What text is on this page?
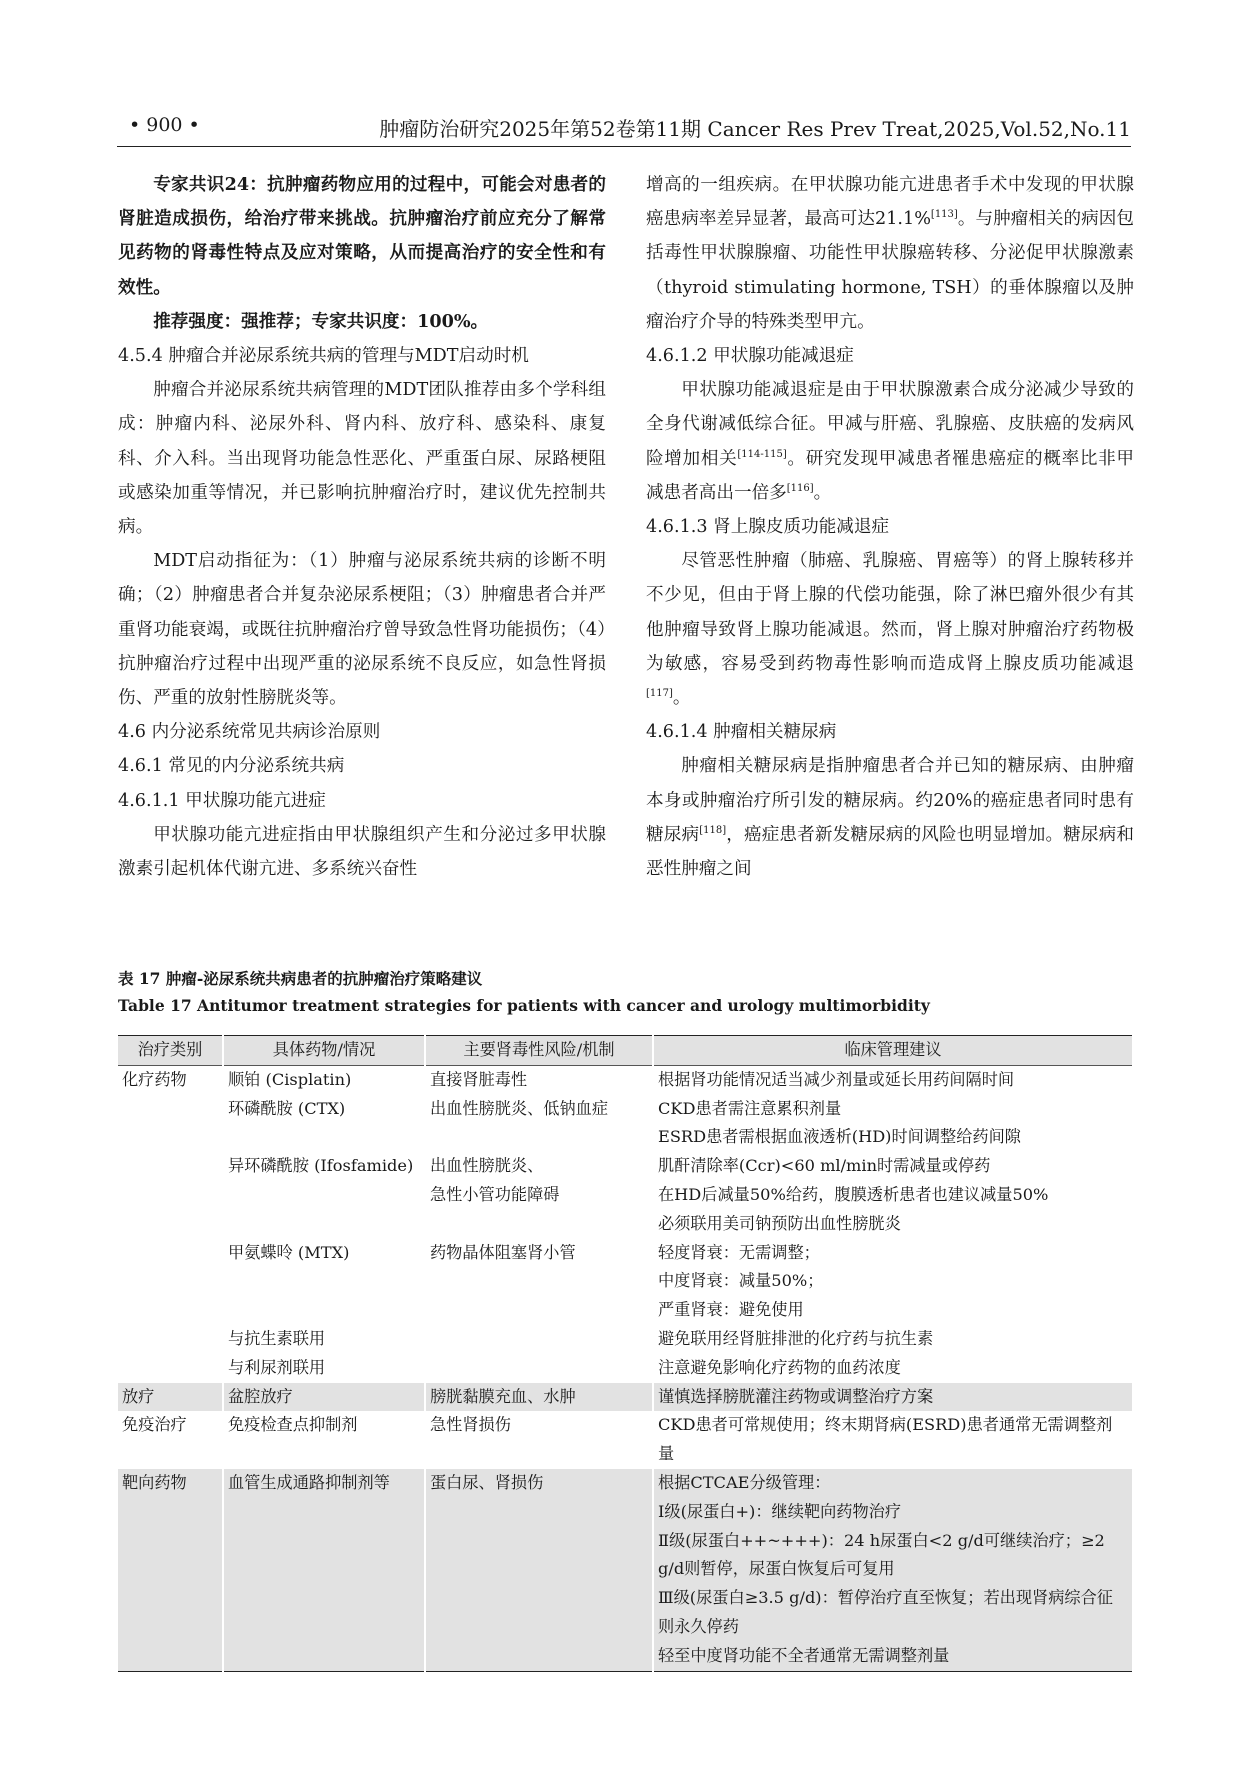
• 900 •	肿瘤防治研究2025年第52卷第11期 Cancer Res Prev Treat,2025,Vol.52,No.11

专家共识24：抗肿瘤药物应用的过程中，可能会对患者的肾脏造成损伤，给治疗带来挑战。抗肿瘤治疗前应充分了解常见药物的肾毒性特点及应对策略，从而提高治疗的安全性和有效性。

推荐强度：强推荐；专家共识度：100%。

4.5.4 肿瘤合并泌尿系统共病的管理与MDT启动时机

肿瘤合并泌尿系统共病管理的MDT团队推荐由多个学科组成：肿瘤内科、泌尿外科、肾内科、放疗科、感染科、康复科、介入科。当出现肾功能急性恶化、严重蛋白尿、尿路梗阻或感染加重等情况，并已影响抗肿瘤治疗时，建议优先控制共病。

MDT启动指征为：（1）肿瘤与泌尿系统共病的诊断不明确；（2）肿瘤患者合并复杂泌尿系梗阻；（3）肿瘤患者合并严重肾功能衰竭，或既往抗肿瘤治疗曾导致急性肾功能损伤；（4）抗肿瘤治疗过程中出现严重的泌尿系统不良反应，如急性肾损伤、严重的放射性膀胱炎等。

4.6 内分泌系统常见共病诊治原则

4.6.1 常见的内分泌系统共病

4.6.1.1 甲状腺功能亢进症

甲状腺功能亢进症指由甲状腺组织产生和分泌过多甲状腺激素引起机体代谢亢进、多系统兴奋性

增高的一组疾病。在甲状腺功能亢进患者手术中发现的甲状腺癌患病率差异显著，最高可达21.1%[113]。与肿瘤相关的病因包括毒性甲状腺腺瘤、功能性甲状腺癌转移、分泌促甲状腺激素（thyroid stimulating hormone, TSH）的垂体腺瘤以及肿瘤治疗介导的特殊类型甲亢。

4.6.1.2 甲状腺功能减退症

甲状腺功能减退症是由于甲状腺激素合成分泌减少导致的全身代谢减低综合征。甲减与肝癌、乳腺癌、皮肤癌的发病风险增加相关[114-115]。研究发现甲减患者罹患癌症的概率比非甲减患者高出一倍多[116]。

4.6.1.3 肾上腺皮质功能减退症

尽管恶性肿瘤（肺癌、乳腺癌、胃癌等）的肾上腺转移并不少见，但由于肾上腺的代偿功能强，除了淋巴瘤外很少有其他肿瘤导致肾上腺功能减退。然而，肾上腺对肿瘤治疗药物极为敏感，容易受到药物毒性影响而造成肾上腺皮质功能减退[117]。

4.6.1.4 肿瘤相关糖尿病

肿瘤相关糖尿病是指肿瘤患者合并已知的糖尿病、由肿瘤本身或肿瘤治疗所引发的糖尿病。约20%的癌症患者同时患有糖尿病[118]，癌症患者新发糖尿病的风险也明显增加。糖尿病和恶性肿瘤之间

表 17 肿瘤-泌尿系统共病患者的抗肿瘤治疗策略建议
Table 17 Antitumor treatment strategies for patients with cancer and urology multimorbidity
治疗类别	具体药物/情况	主要肾毒性风险/机制	临床管理建议
化疗药物	顺铂 (Cisplatin)	直接肾脏毒性	根据肾功能情况适当减少剂量或延长用药间隔时间
	环磷酰胺 (CTX)	出血性膀胱炎、低钠血症	CKD患者需注意累积剂量
			ESRD患者需根据血液透析(HD)时间调整给药间隙
	异环磷酰胺 (Ifosfamide)	出血性膀胱炎、	肌酐清除率(Ccr)<60 ml/min时需减量或停药
		急性小管功能障碍	在HD后减量50%给药，腹膜透析患者也建议减量50%
			必须联用美司钠预防出血性膀胱炎
	甲氨蝶呤 (MTX)	药物晶体阻塞肾小管	轻度肾衰：无需调整；
			中度肾衰：减量50%；
			严重肾衰：避免使用
	与抗生素联用		避免联用经肾脏排泄的化疗药与抗生素
	与利尿剂联用		注意避免影响化疗药物的血药浓度
放疗	盆腔放疗	膀胱黏膜充血、水肿	谨慎选择膀胱灌注药物或调整治疗方案
免疫治疗	免疫检查点抑制剂	急性肾损伤	CKD患者可常规使用；终末期肾病(ESRD)患者通常无需调整剂量
靶向药物	血管生成通路抑制剂等	蛋白尿、肾损伤	根据CTCAE分级管理：
			Ⅰ级(尿蛋白+)：继续靶向药物治疗
			Ⅱ级(尿蛋白++~+++)：24 h尿蛋白<2 g/d可继续治疗；≥2 g/d则暂停，尿蛋白恢复后可复用
			Ⅲ级(尿蛋白≥3.5 g/d)：暂停治疗直至恢复；若出现肾病综合征则永久停药
			轻至中度肾功能不全者通常无需调整剂量
